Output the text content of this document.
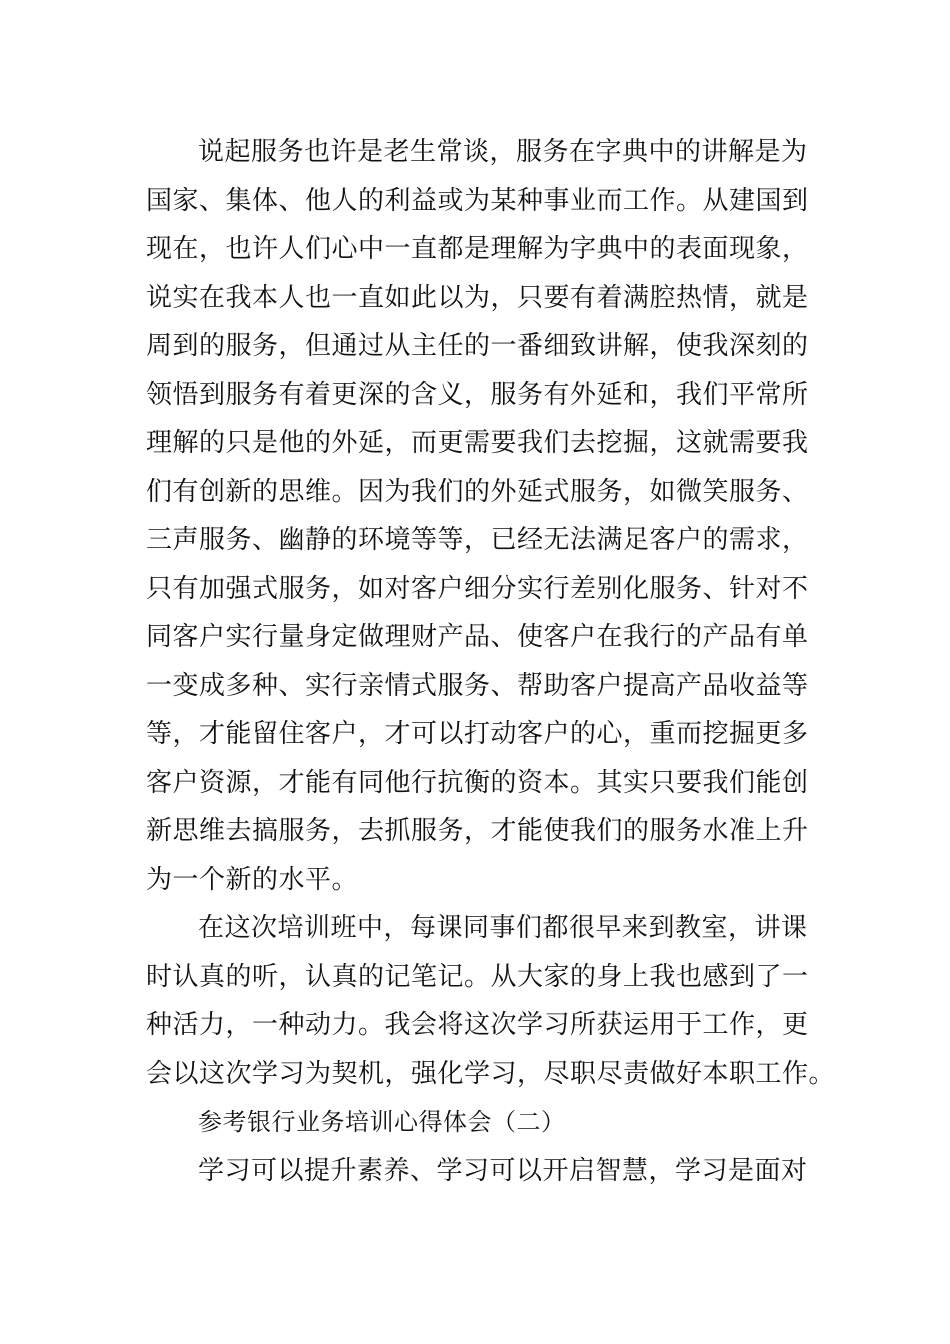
说起服务也许是老生常谈，服务在字典中的讲解是为
国家、集体、他人的利益或为某种事业而工作。从建国到
现在，也许人们心中一直都是理解为字典中的表面现象，
说实在我本人也一直如此以为，只要有着满腔热情，就是
周到的服务，但通过从主任的一番细致讲解，使我深刻的
领悟到服务有着更深的含义，服务有外延和，我们平常所
理解的只是他的外延，而更需要我们去挖掘，这就需要我
们有创新的思维。因为我们的外延式服务，如微笑服务、
三声服务、幽静的环境等等，已经无法满足客户的需求，
只有加强式服务，如对客户细分实行差别化服务、针对不
同客户实行量身定做理财产品、使客户在我行的产品有单
一变成多种、实行亲情式服务、帮助客户提高产品收益等
等，才能留住客户，才可以打动客户的心，重而挖掘更多
客户资源，才能有同他行抗衡的资本。其实只要我们能创
新思维去搞服务，去抓服务，才能使我们的服务水准上升
为一个新的水平。
在这次培训班中，每课同事们都很早来到教室，讲课
时认真的听，认真的记笔记。从大家的身上我也感到了一
种活力，一种动力。我会将这次学习所获运用于工作，更
会以这次学习为契机，强化学习，尽职尽责做好本职工作。
参考银行业务培训心得体会（二）
学习可以提升素养、学习可以开启智慧，学习是面对
